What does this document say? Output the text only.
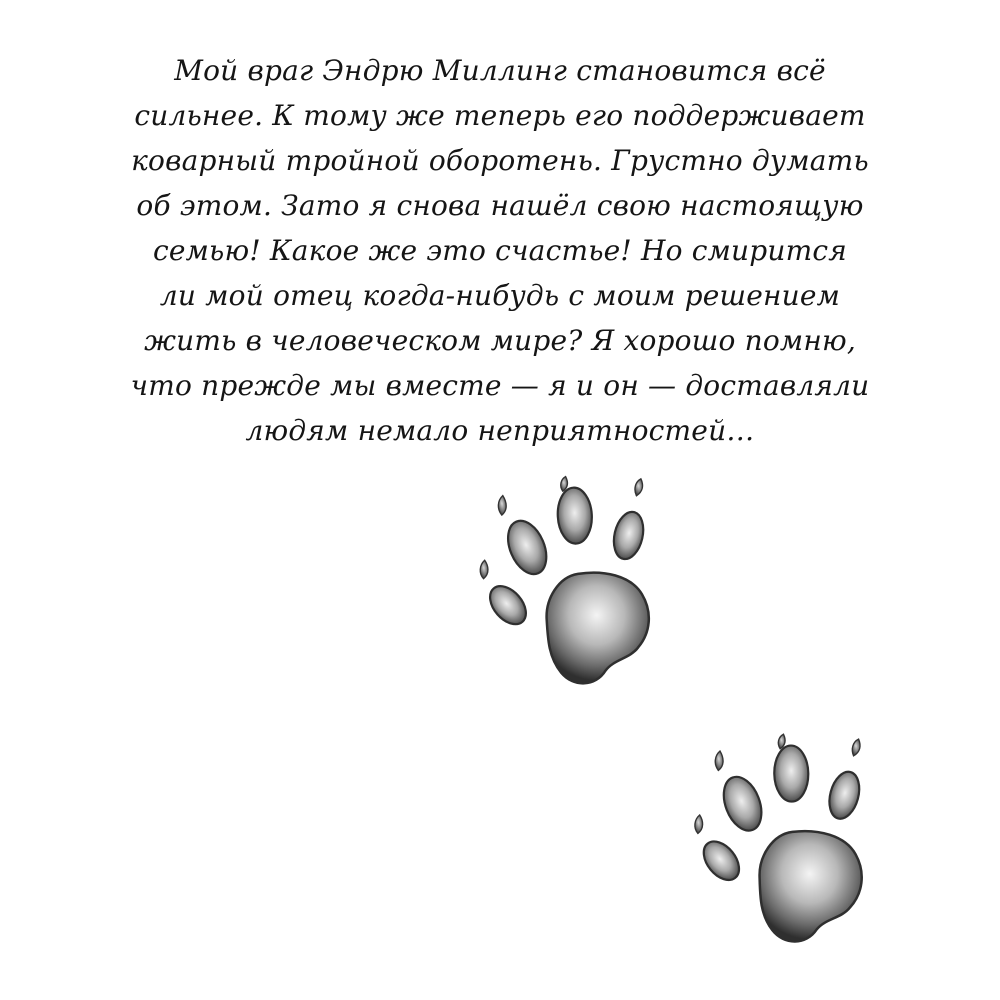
Мой враг Эндрю Миллинг становится всё
сильнее. К тому же теперь его поддерживает
коварный тройной оборотень. Грустно думать
об этом. Зато я снова нашёл свою настоящую
семью! Какое же это счастье! Но смирится
ли мой отец когда-нибудь с моим решением
жить в человеческом мире? Я хорошо помню,
что прежде мы вместе — я и он — доставляли
людям немало неприятностей…
